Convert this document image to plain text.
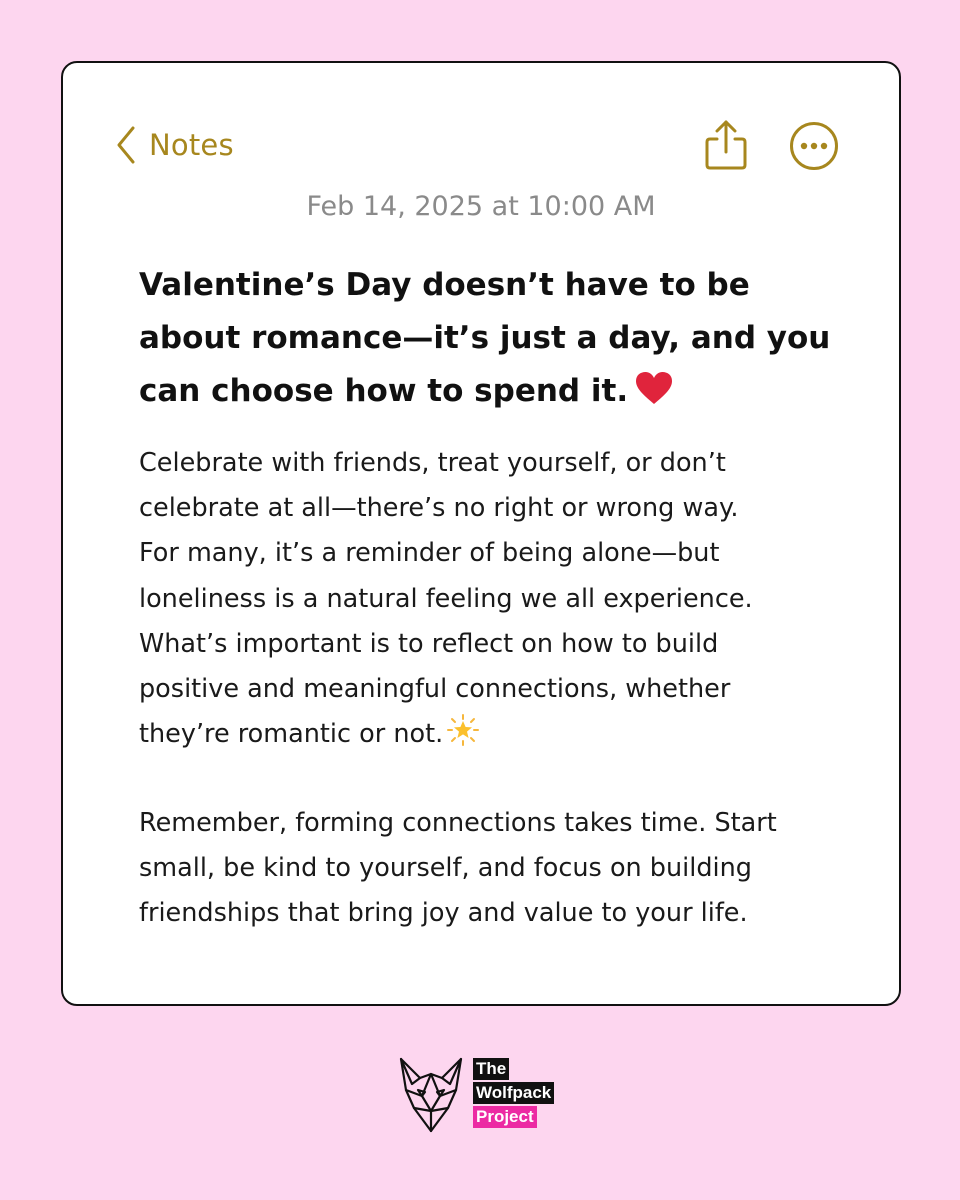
Notes
Feb 14, 2025 at 10:00 AM
Valentine’s Day doesn’t have to be
about romance—it’s just a day, and you
can choose how to spend it.

Celebrate with friends, treat yourself, or don’t
celebrate at all—there’s no right or wrong way.
For many, it’s a reminder of being alone—but
loneliness is a natural feeling we all experience.
What’s important is to reflect on how to build
positive and meaningful connections, whether
they’re romantic or not.

Remember, forming connections takes time. Start
small, be kind to yourself, and focus on building
friendships that bring joy and value to your life.

The
Wolfpack
Project
